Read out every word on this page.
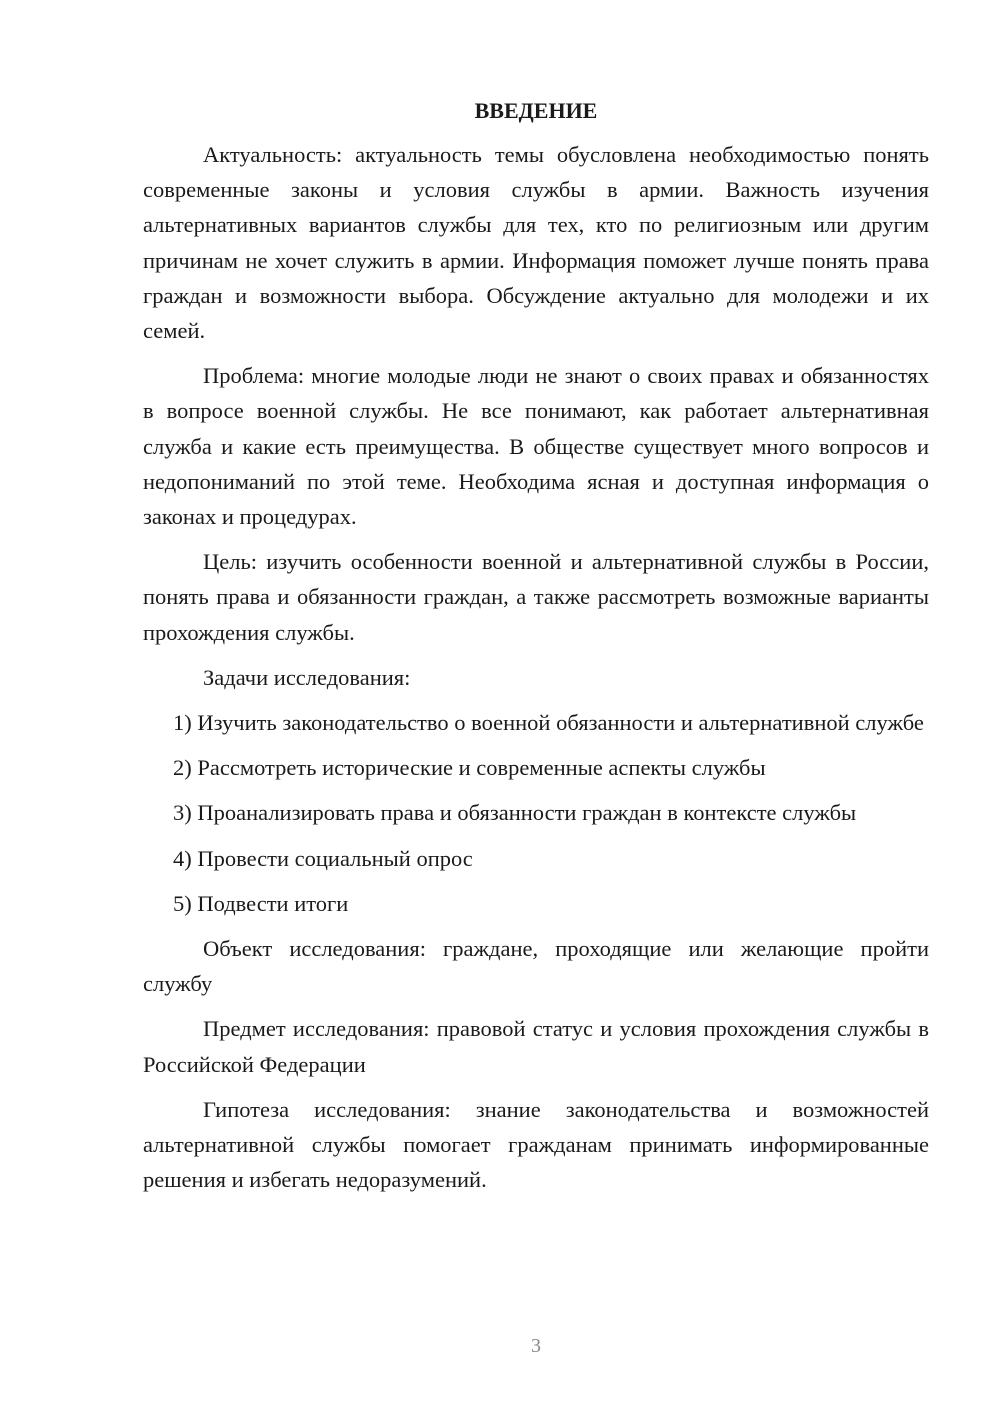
ВВЕДЕНИЕ

Актуальность: актуальность темы обусловлена необходимостью понять современные законы и условия службы в армии. Важность изучения альтернативных вариантов службы для тех, кто по религиозным или другим причинам не хочет служить в армии. Информация поможет лучше понять права граждан и возможности выбора. Обсуждение актуально для молодежи и их семей.

Проблема: многие молодые люди не знают о своих правах и обязанностях в вопросе военной службы. Не все понимают, как работает альтернативная служба и какие есть преимущества. В обществе существует много вопросов и недопониманий по этой теме. Необходима ясная и доступная информация о законах и процедурах.

Цель: изучить особенности военной и альтернативной службы в России, понять права и обязанности граждан, а также рассмотреть возможные варианты прохождения службы.

Задачи исследования:

1) Изучить законодательство о военной обязанности и альтернативной службе

2) Рассмотреть исторические и современные аспекты службы

3) Проанализировать права и обязанности граждан в контексте службы

4) Провести социальный опрос

5) Подвести итоги

Объект исследования: граждане, проходящие или желающие пройти службу

Предмет исследования: правовой статус и условия прохождения службы в Российской Федерации

Гипотеза исследования: знание законодательства и возможностей альтернативной службы помогает гражданам принимать информированные решения и избегать недоразумений.

3
